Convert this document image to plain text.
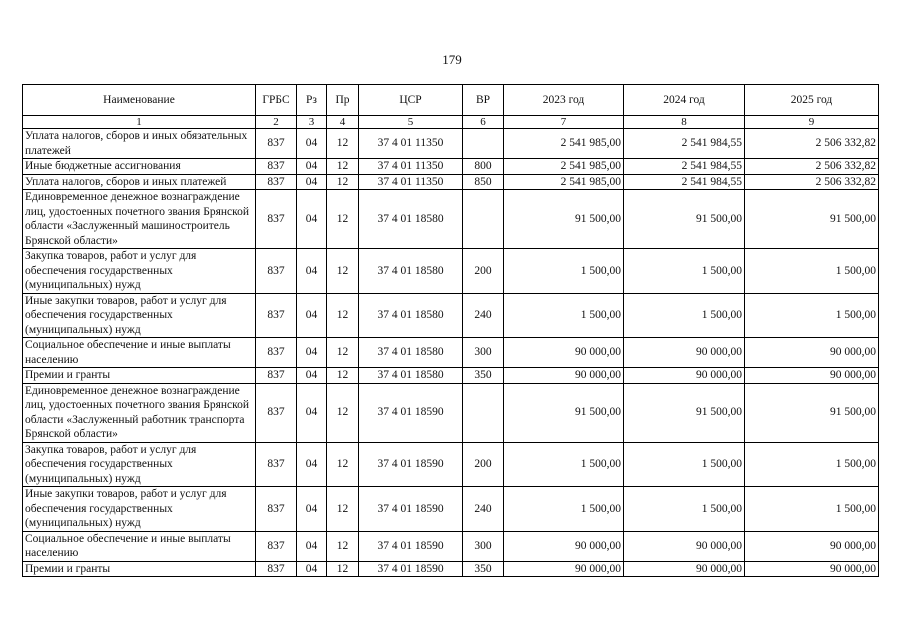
179
Наименование	ГРБС	Рз	Пр	ЦСР	ВР	2023 год	2024 год	2025 год
1	2	3	4	5	6	7	8	9
Уплата налогов, сборов и иных обязательных платежей	837	04	12	37 4 01 11350		2 541 985,00	2 541 984,55	2 506 332,82
Иные бюджетные ассигнования	837	04	12	37 4 01 11350	800	2 541 985,00	2 541 984,55	2 506 332,82
Уплата налогов, сборов и иных платежей	837	04	12	37 4 01 11350	850	2 541 985,00	2 541 984,55	2 506 332,82
Единовременное денежное вознаграждение лиц, удостоенных почетного звания Брянской области «Заслуженный машиностроитель Брянской области»	837	04	12	37 4 01 18580		91 500,00	91 500,00	91 500,00
Закупка товаров, работ и услуг для обеспечения государственных (муниципальных) нужд	837	04	12	37 4 01 18580	200	1 500,00	1 500,00	1 500,00
Иные закупки товаров, работ и услуг для обеспечения государственных (муниципальных) нужд	837	04	12	37 4 01 18580	240	1 500,00	1 500,00	1 500,00
Социальное обеспечение и иные выплаты населению	837	04	12	37 4 01 18580	300	90 000,00	90 000,00	90 000,00
Премии и гранты	837	04	12	37 4 01 18580	350	90 000,00	90 000,00	90 000,00
Единовременное денежное вознаграждение лиц, удостоенных почетного звания Брянской области «Заслуженный работник транспорта Брянской области»	837	04	12	37 4 01 18590		91 500,00	91 500,00	91 500,00
Закупка товаров, работ и услуг для обеспечения государственных (муниципальных) нужд	837	04	12	37 4 01 18590	200	1 500,00	1 500,00	1 500,00
Иные закупки товаров, работ и услуг для обеспечения государственных (муниципальных) нужд	837	04	12	37 4 01 18590	240	1 500,00	1 500,00	1 500,00
Социальное обеспечение и иные выплаты населению	837	04	12	37 4 01 18590	300	90 000,00	90 000,00	90 000,00
Премии и гранты	837	04	12	37 4 01 18590	350	90 000,00	90 000,00	90 000,00
